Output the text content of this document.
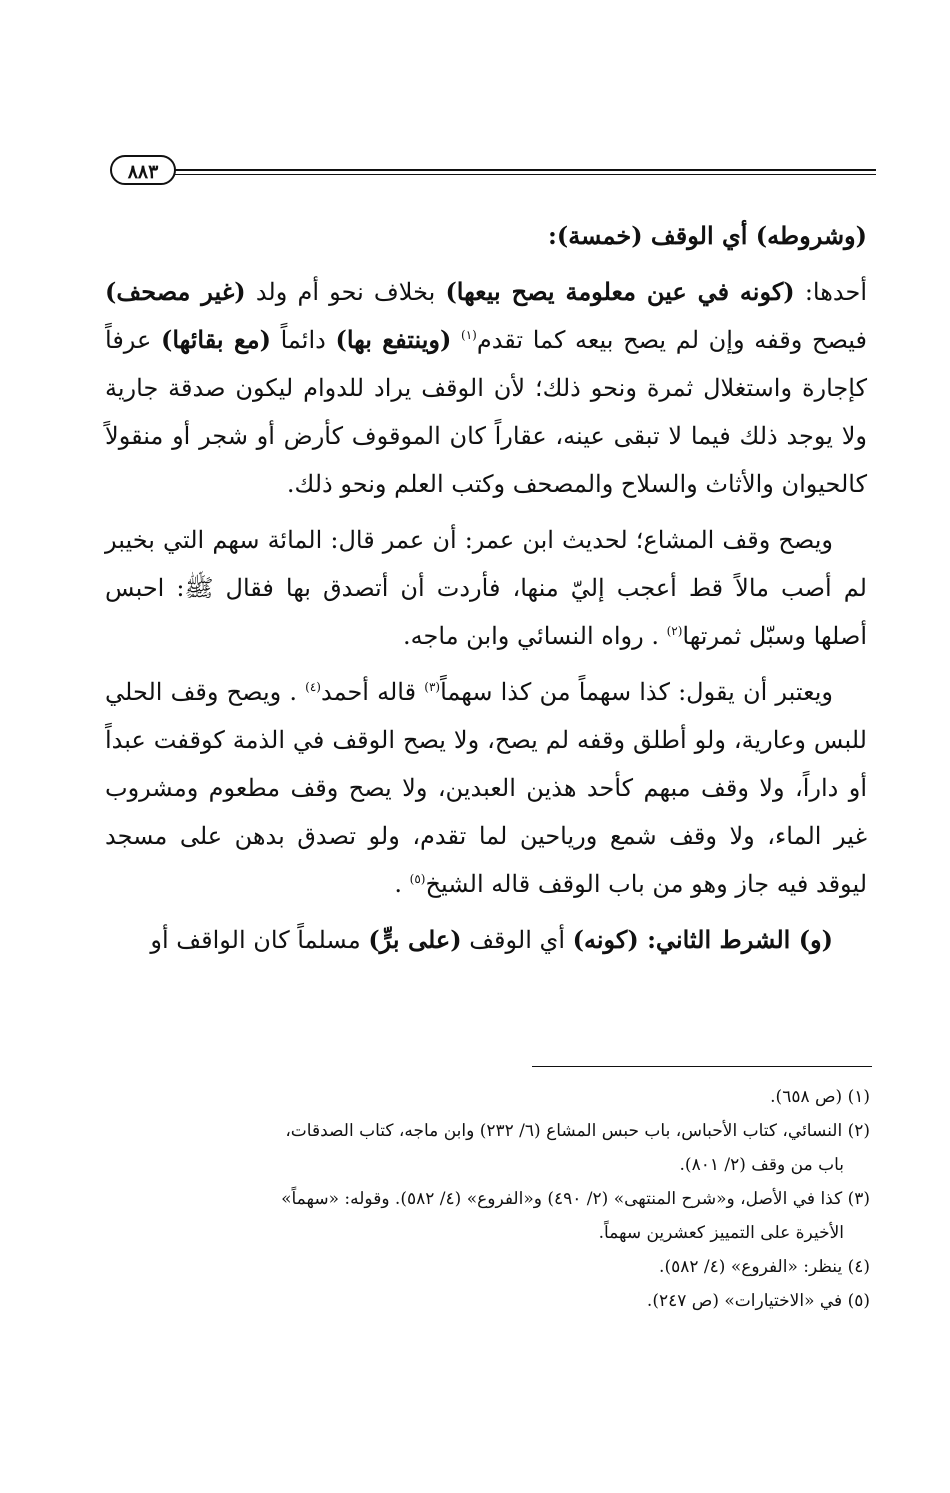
٨٨٣

(وشروطه) أي الوقف (خمسة):

أحدها: (كونه في عين معلومة يصح بيعها) بخلاف نحو أم ولد (غير مصحف) فيصح وقفه وإن لم يصح بيعه كما تقدم$^{(١)}$ (وينتفع بها) دائماً (مع بقائها) عرفاً كإجارة واستغلال ثمرة ونحو ذلك؛ لأن الوقف يراد للدوام ليكون صدقة جارية ولا يوجد ذلك فيما لا تبقى عينه، عقاراً كان الموقوف كأرض أو شجر أو منقولاً كالحيوان والأثاث والسلاح والمصحف وكتب العلم ونحو ذلك.

ويصح وقف المشاع؛ لحديث ابن عمر: أن عمر قال: المائة سهم التي بخيبر لم أصب مالاً قط أعجب إليّ منها، فأردت أن أتصدق بها فقال ﷺ: احبس أصلها وسبّل ثمرتها$^{(٢)}$ . رواه النسائي وابن ماجه.

ويعتبر أن يقول: كذا سهماً من كذا سهماً$^{(٣)}$ قاله أحمد$^{(٤)}$ . ويصح وقف الحلي للبس وعارية، ولو أطلق وقفه لم يصح، ولا يصح الوقف في الذمة كوقفت عبداً أو داراً، ولا وقف مبهم كأحد هذين العبدين، ولا يصح وقف مطعوم ومشروب غير الماء، ولا وقف شمع ورياحين لما تقدم، ولو تصدق بدهن على مسجد ليوقد فيه جاز وهو من باب الوقف قاله الشيخ$^{(٥)}$ .

(و) الشرط الثاني: (كونه) أي الوقف (على برٍّ) مسلماً كان الواقف أو

(١) (ص ٦٥٨).

(٢) النسائي، كتاب الأحباس، باب حبس المشاع (٦/ ٢٣٢) وابن ماجه، كتاب الصدقات،

باب من وقف (٢/ ٨٠١).

(٣) كذا في الأصل، و«شرح المنتهى» (٢/ ٤٩٠) و«الفروع» (٤/ ٥٨٢). وقوله: «سهماً»

الأخيرة على التمييز كعشرين سهماً.

(٤) ينظر: «الفروع» (٤/ ٥٨٢).

(٥) في «الاختيارات» (ص ٢٤٧).
